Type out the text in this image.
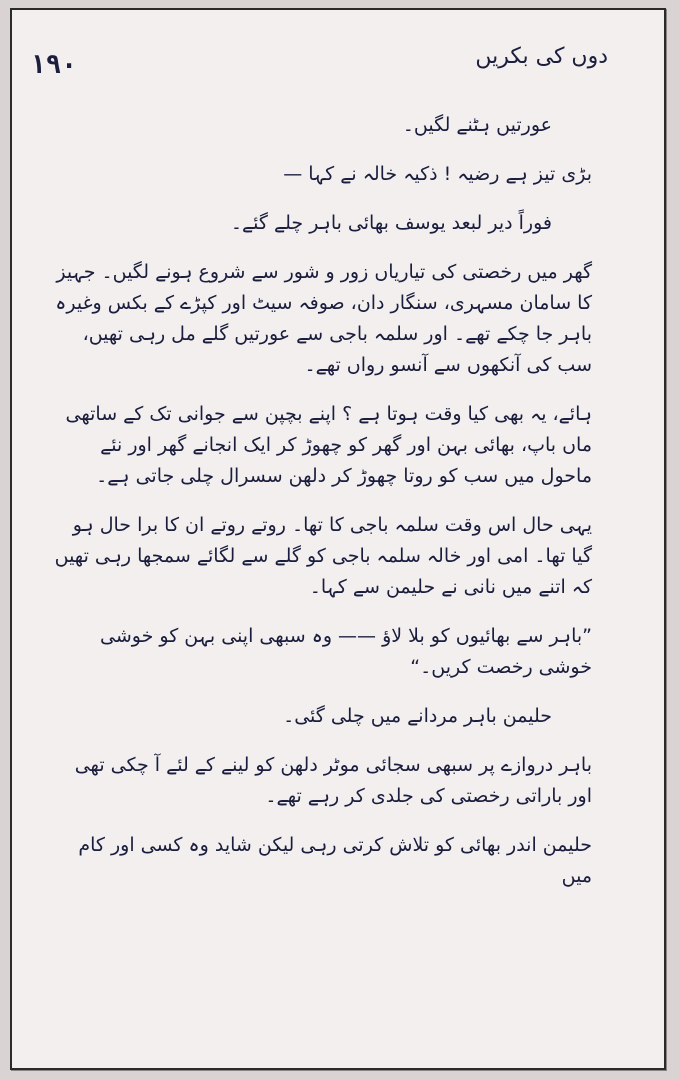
۱۹۰	دوں کی بکریں

عورتیں ہٹنے لگیں۔

بڑی تیز ہے رضیہ ! ذکیہ خالہ نے کہا —

فوراً دیر لبعد یوسف بھائی باہر چلے گئے۔

گھر میں رخصتی کی تیاریاں زور و شور سے شروع ہونے لگیں۔ جہیز کا سامان مسہری، سنگار دان، صوفہ سیٹ اور کپڑے کے بکس وغیرہ باہر جا چکے تھے۔ اور سلمہ باجی سے عورتیں گلے مل رہی تھیں، سب کی آنکھوں سے آنسو رواں تھے۔

ہائے، یہ بھی کیا وقت ہوتا ہے ؟ اپنے بچپن سے جوانی تک کے ساتھی ماں باپ، بھائی بہن اور گھر کو چھوڑ کر ایک انجانے گھر اور نئے ماحول میں سب کو روتا چھوڑ کر دلھن سسرال چلی جاتی ہے۔

یہی حال اس وقت سلمہ باجی کا تھا۔ روتے روتے ان کا برا حال ہو گیا تھا۔ امی اور خالہ سلمہ باجی کو گلے سے لگائے سمجھا رہی تھیں کہ اتنے میں نانی نے حلیمن سے کہا۔

”باہر سے بھائیوں کو بلا لاؤ —— وہ سبھی اپنی بہن کو خوشی خوشی رخصت کریں۔“

حلیمن باہر مردانے میں چلی گئی۔

باہر دروازے پر سبھی سجائی موٹر دلھن کو لینے کے لئے آ چکی تھی اور باراتی رخصتی کی جلدی کر رہے تھے۔

حلیمن اندر بھائی کو تلاش کرتی رہی لیکن شاید وہ کسی اور کام میں
